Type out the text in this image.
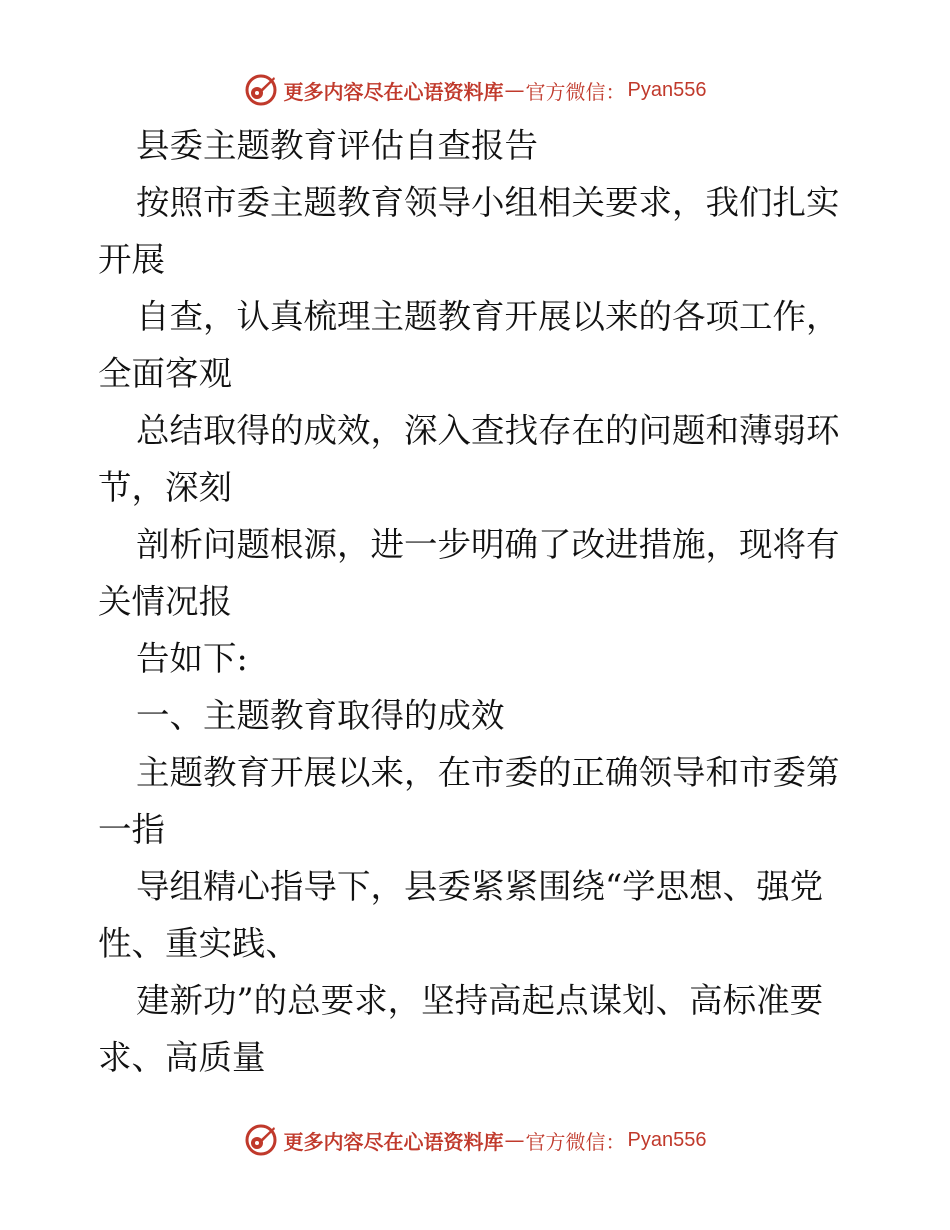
更多内容尽在心语资料库 — 官方微信： Pyan556
县委主题教育评估自查报告
按照市委主题教育领导小组相关要求，我们扎实
开展
自查，认真梳理主题教育开展以来的各项工作，
全面客观
总结取得的成效，深入查找存在的问题和薄弱环
节，深刻
剖析问题根源，进一步明确了改进措施，现将有
关情况报
告如下:
一、主题教育取得的成效
主题教育开展以来，在市委的正确领导和市委第
一指
导组精心指导下，县委紧紧围绕“学思想、强党
性、重实践、
建新功”的总要求，坚持高起点谋划、高标准要
求、高质量
更多内容尽在心语资料库 — 官方微信： Pyan556
